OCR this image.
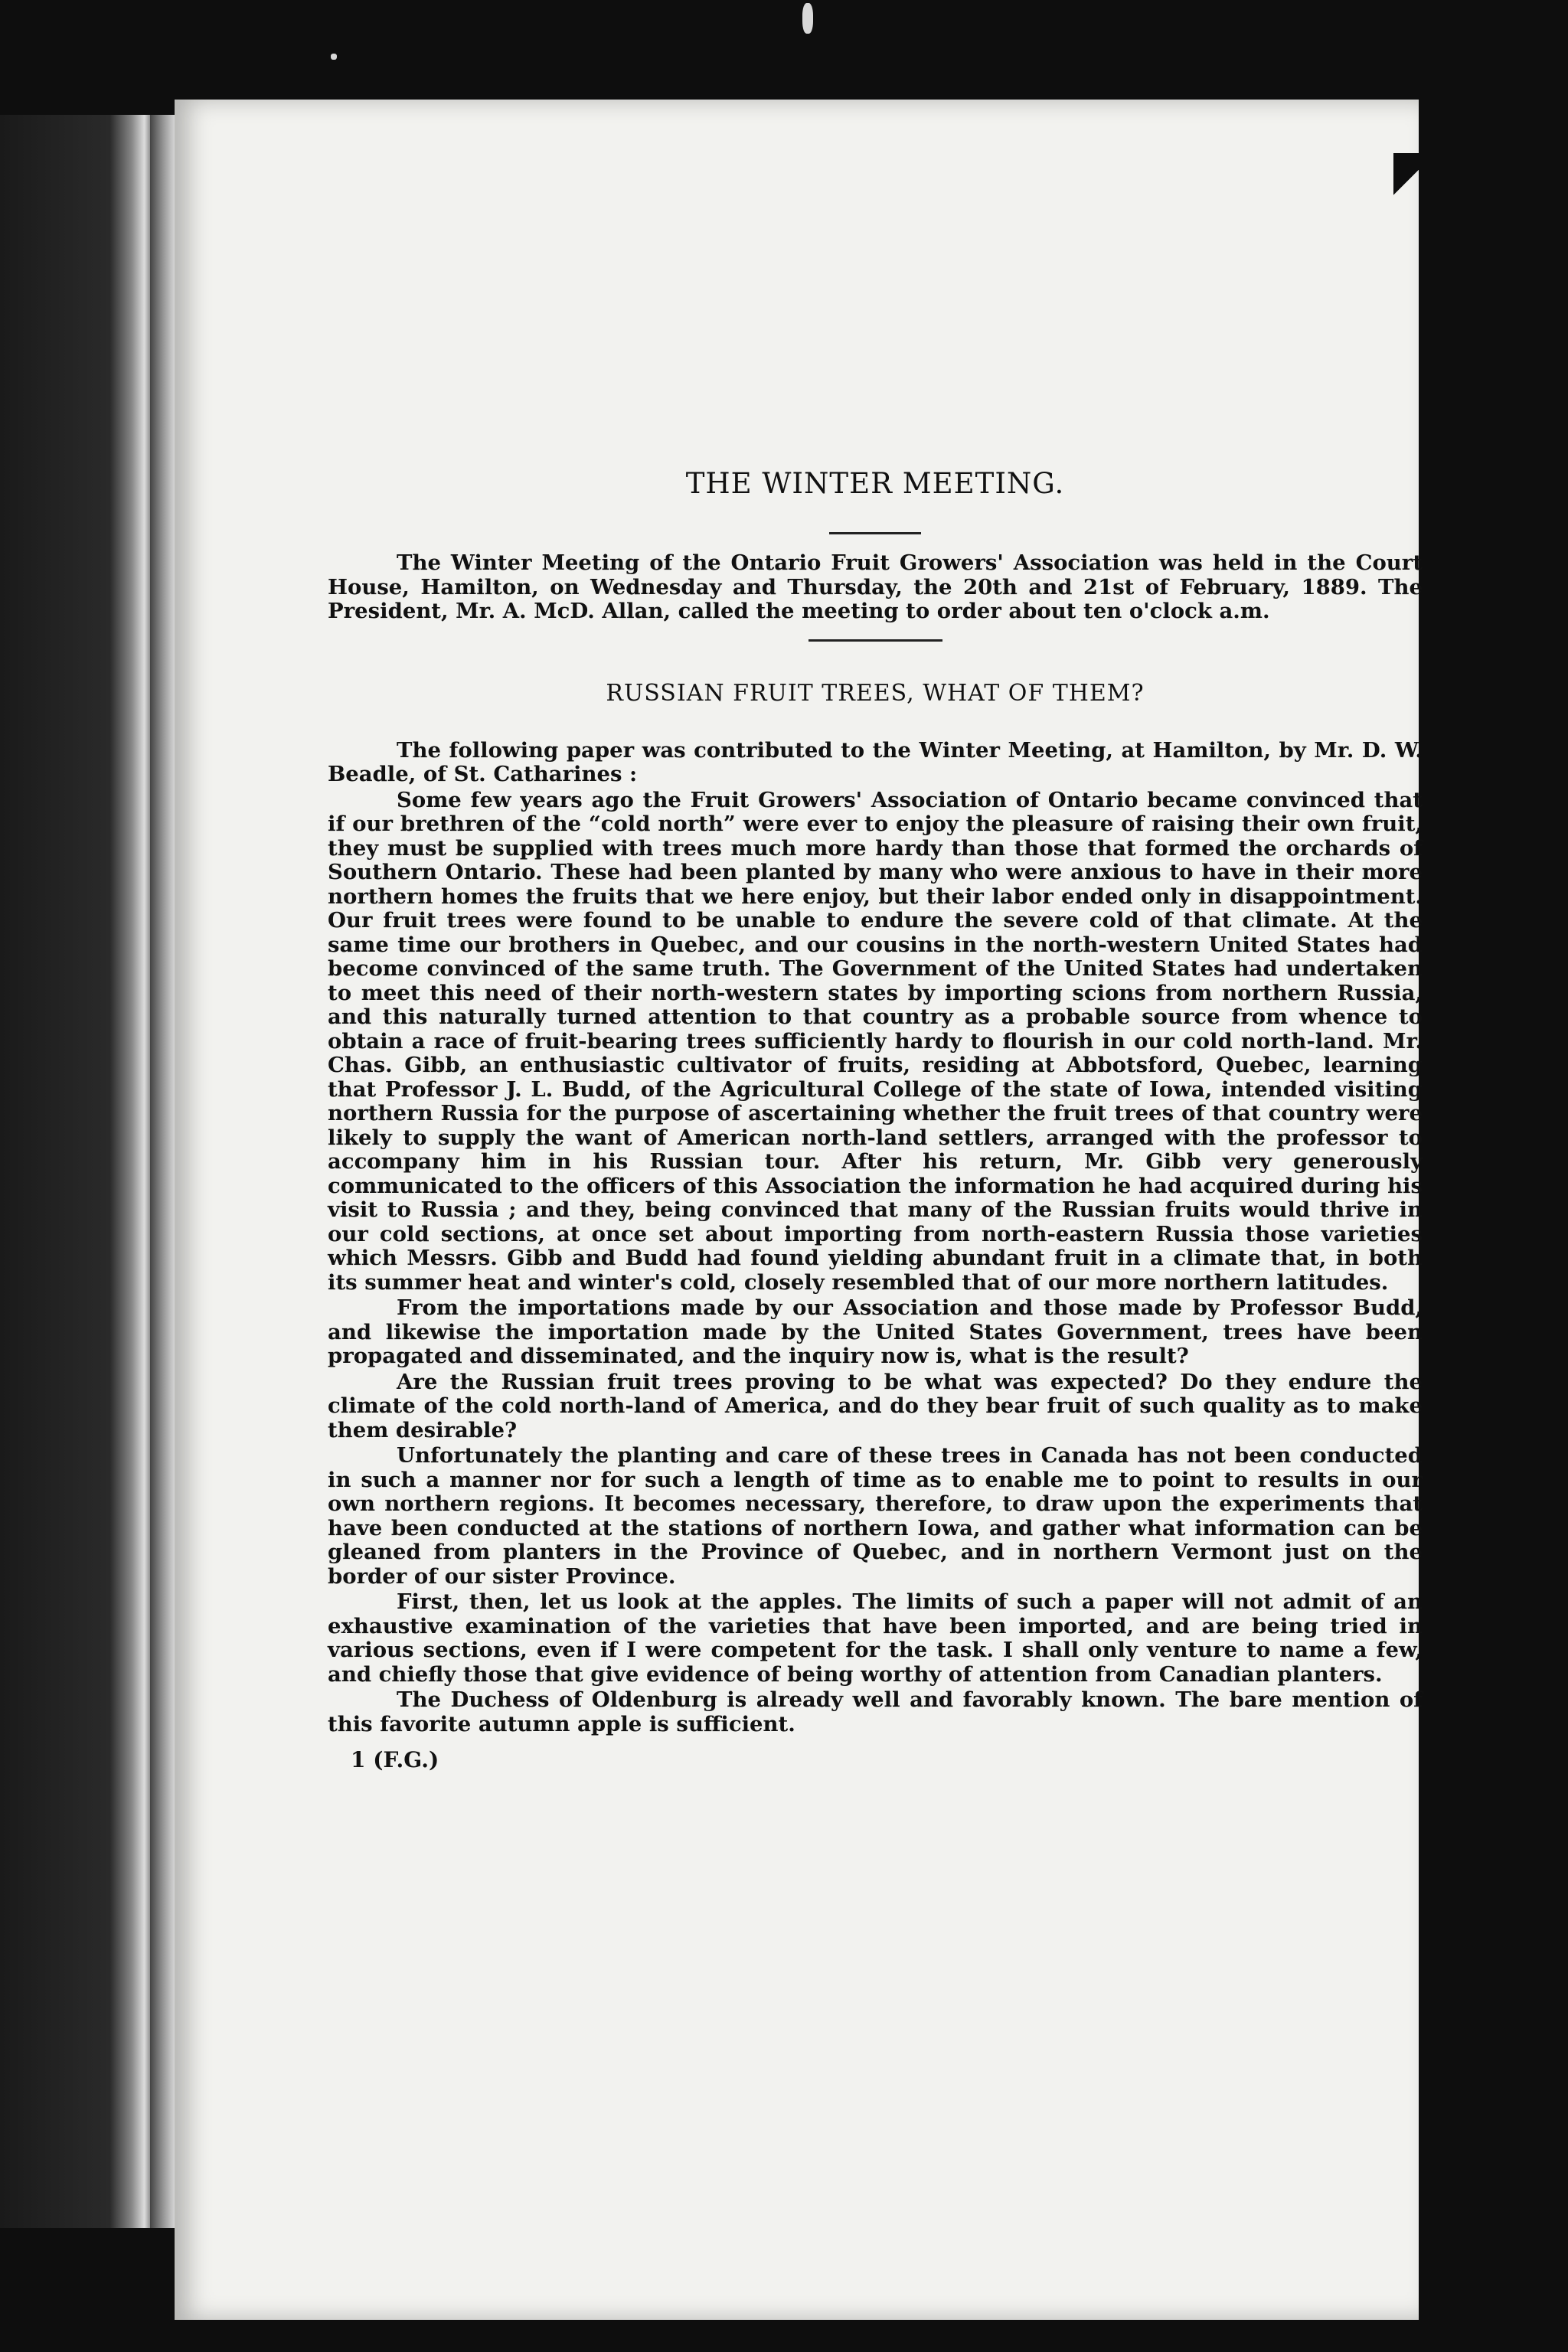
THE WINTER MEETING.

The Winter Meeting of the Ontario Fruit Growers' Association was held in the Court House, Hamilton, on Wednesday and Thursday, the 20th and 21st of February, 1889. The President, Mr. A. McD. Allan, called the meeting to order about ten o'clock a.m.

RUSSIAN FRUIT TREES, WHAT OF THEM?

The following paper was contributed to the Winter Meeting, at Hamilton, by Mr. D. W. Beadle, of St. Catharines :

Some few years ago the Fruit Growers' Association of Ontario became convinced that if our brethren of the “cold north” were ever to enjoy the pleasure of raising their own fruit, they must be supplied with trees much more hardy than those that formed the orchards of Southern Ontario. These had been planted by many who were anxious to have in their more northern homes the fruits that we here enjoy, but their labor ended only in disappointment. Our fruit trees were found to be unable to endure the severe cold of that climate. At the same time our brothers in Quebec, and our cousins in the north-western United States had become convinced of the same truth. The Government of the United States had undertaken to meet this need of their north-western states by importing scions from northern Russia, and this naturally turned attention to that country as a probable source from whence to obtain a race of fruit-bearing trees sufficiently hardy to flourish in our cold north-land. Mr. Chas. Gibb, an enthusiastic cultivator of fruits, residing at Abbotsford, Quebec, learning that Professor J. L. Budd, of the Agricultural College of the state of Iowa, intended visiting northern Russia for the purpose of ascertaining whether the fruit trees of that country were likely to supply the want of American north-land settlers, arranged with the professor to accompany him in his Russian tour. After his return, Mr. Gibb very generously communicated to the officers of this Association the information he had acquired during his visit to Russia ; and they, being convinced that many of the Russian fruits would thrive in our cold sections, at once set about importing from north-eastern Russia those varieties which Messrs. Gibb and Budd had found yielding abundant fruit in a climate that, in both its summer heat and winter's cold, closely resembled that of our more northern latitudes.

From the importations made by our Association and those made by Professor Budd, and likewise the importation made by the United States Government, trees have been propagated and disseminated, and the inquiry now is, what is the result?

Are the Russian fruit trees proving to be what was expected? Do they endure the climate of the cold north-land of America, and do they bear fruit of such quality as to make them desirable?

Unfortunately the planting and care of these trees in Canada has not been conducted in such a manner nor for such a length of time as to enable me to point to results in our own northern regions. It becomes necessary, therefore, to draw upon the experiments that have been conducted at the stations of northern Iowa, and gather what information can be gleaned from planters in the Province of Quebec, and in northern Vermont just on the border of our sister Province.

First, then, let us look at the apples. The limits of such a paper will not admit of an exhaustive examination of the varieties that have been imported, and are being tried in various sections, even if I were competent for the task. I shall only venture to name a few, and chiefly those that give evidence of being worthy of attention from Canadian planters.

The Duchess of Oldenburg is already well and favorably known. The bare mention of this favorite autumn apple is sufficient.

1 (F.G.)
